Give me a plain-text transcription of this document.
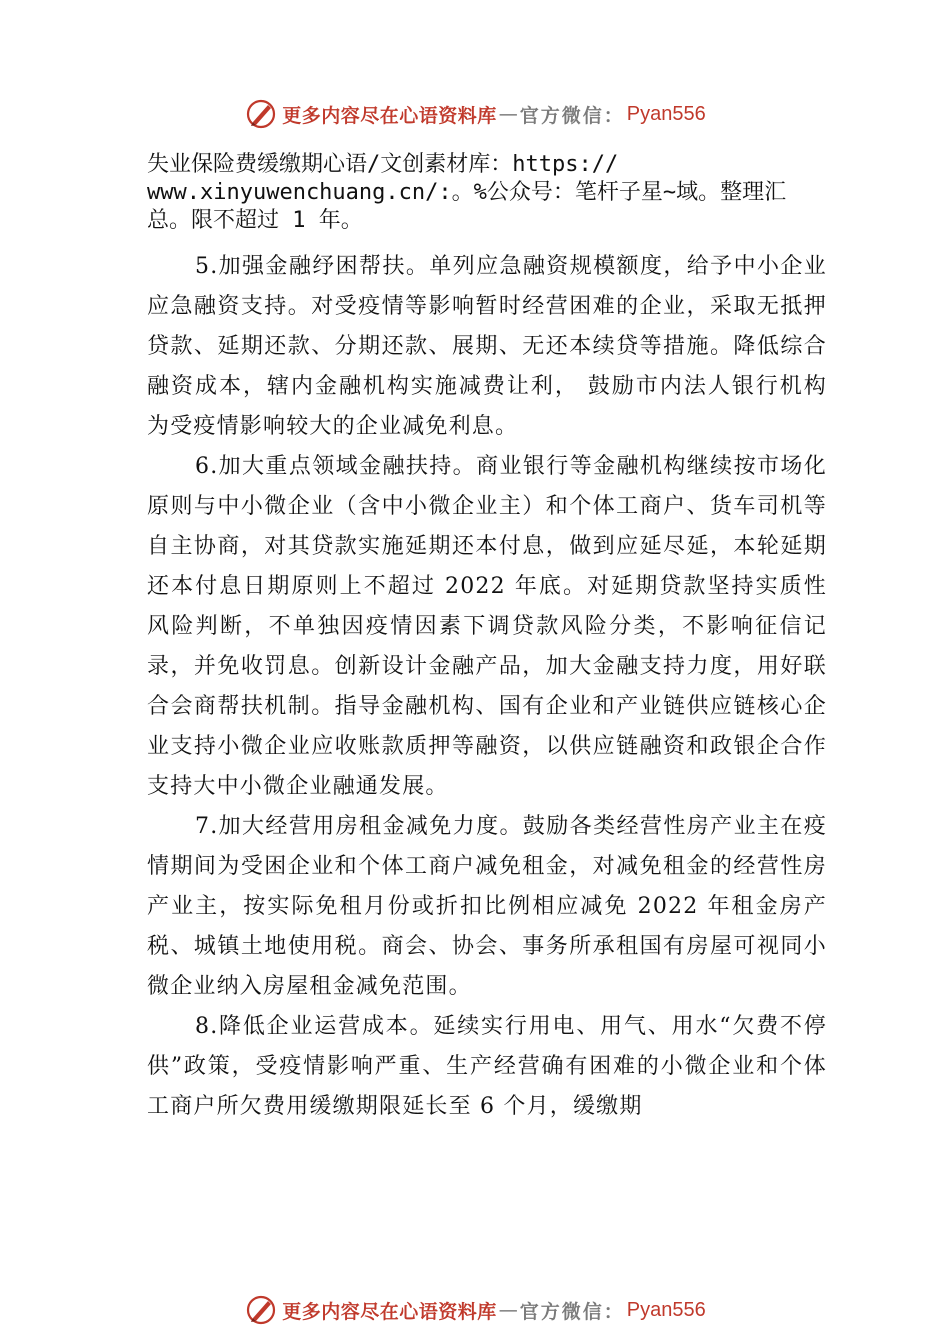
更多内容尽在心语资料库 — 官方微信： Pyan556
失业保险费缓缴期心语/文创素材库：https://
www.xinyuwenchuang.cn/:。%公众号：笔杆子星~域。整理汇
总。限不超过 1 年。

5.加强金融纾困帮扶。单列应急融资规模额度，给予中小企业应急融资支持。对受疫情等影响暂时经营困难的企业，采取无抵押贷款、延期还款、分期还款、展期、无还本续贷等措施。降低综合融资成本，辖内金融机构实施减费让利， 鼓励市内法人银行机构为受疫情影响较大的企业减免利息。

6.加大重点领域金融扶持。商业银行等金融机构继续按市场化原则与中小微企业（含中小微企业主）和个体工商户、货车司机等自主协商，对其贷款实施延期还本付息，做到应延尽延，本轮延期还本付息日期原则上不超过 2022 年底。对延期贷款坚持实质性风险判断，不单独因疫情因素下调贷款风险分类，不影响征信记录，并免收罚息。创新设计金融产品，加大金融支持力度，用好联合会商帮扶机制。指导金融机构、国有企业和产业链供应链核心企业支持小微企业应收账款质押等融资，以供应链融资和政银企合作支持大中小微企业融通发展。

7.加大经营用房租金减免力度。鼓励各类经营性房产业主在疫情期间为受困企业和个体工商户减免租金，对减免租金的经营性房产业主，按实际免租月份或折扣比例相应减免 2022 年租金房产税、城镇土地使用税。商会、协会、事务所承租国有房屋可视同小微企业纳入房屋租金减免范围。

8.降低企业运营成本。延续实行用电、用气、用水“欠费不停供”政策，受疫情影响严重、生产经营确有困难的小微企业和个体工商户所欠费用缓缴期限延长至 6 个月，缓缴期

更多内容尽在心语资料库 — 官方微信： Pyan556
